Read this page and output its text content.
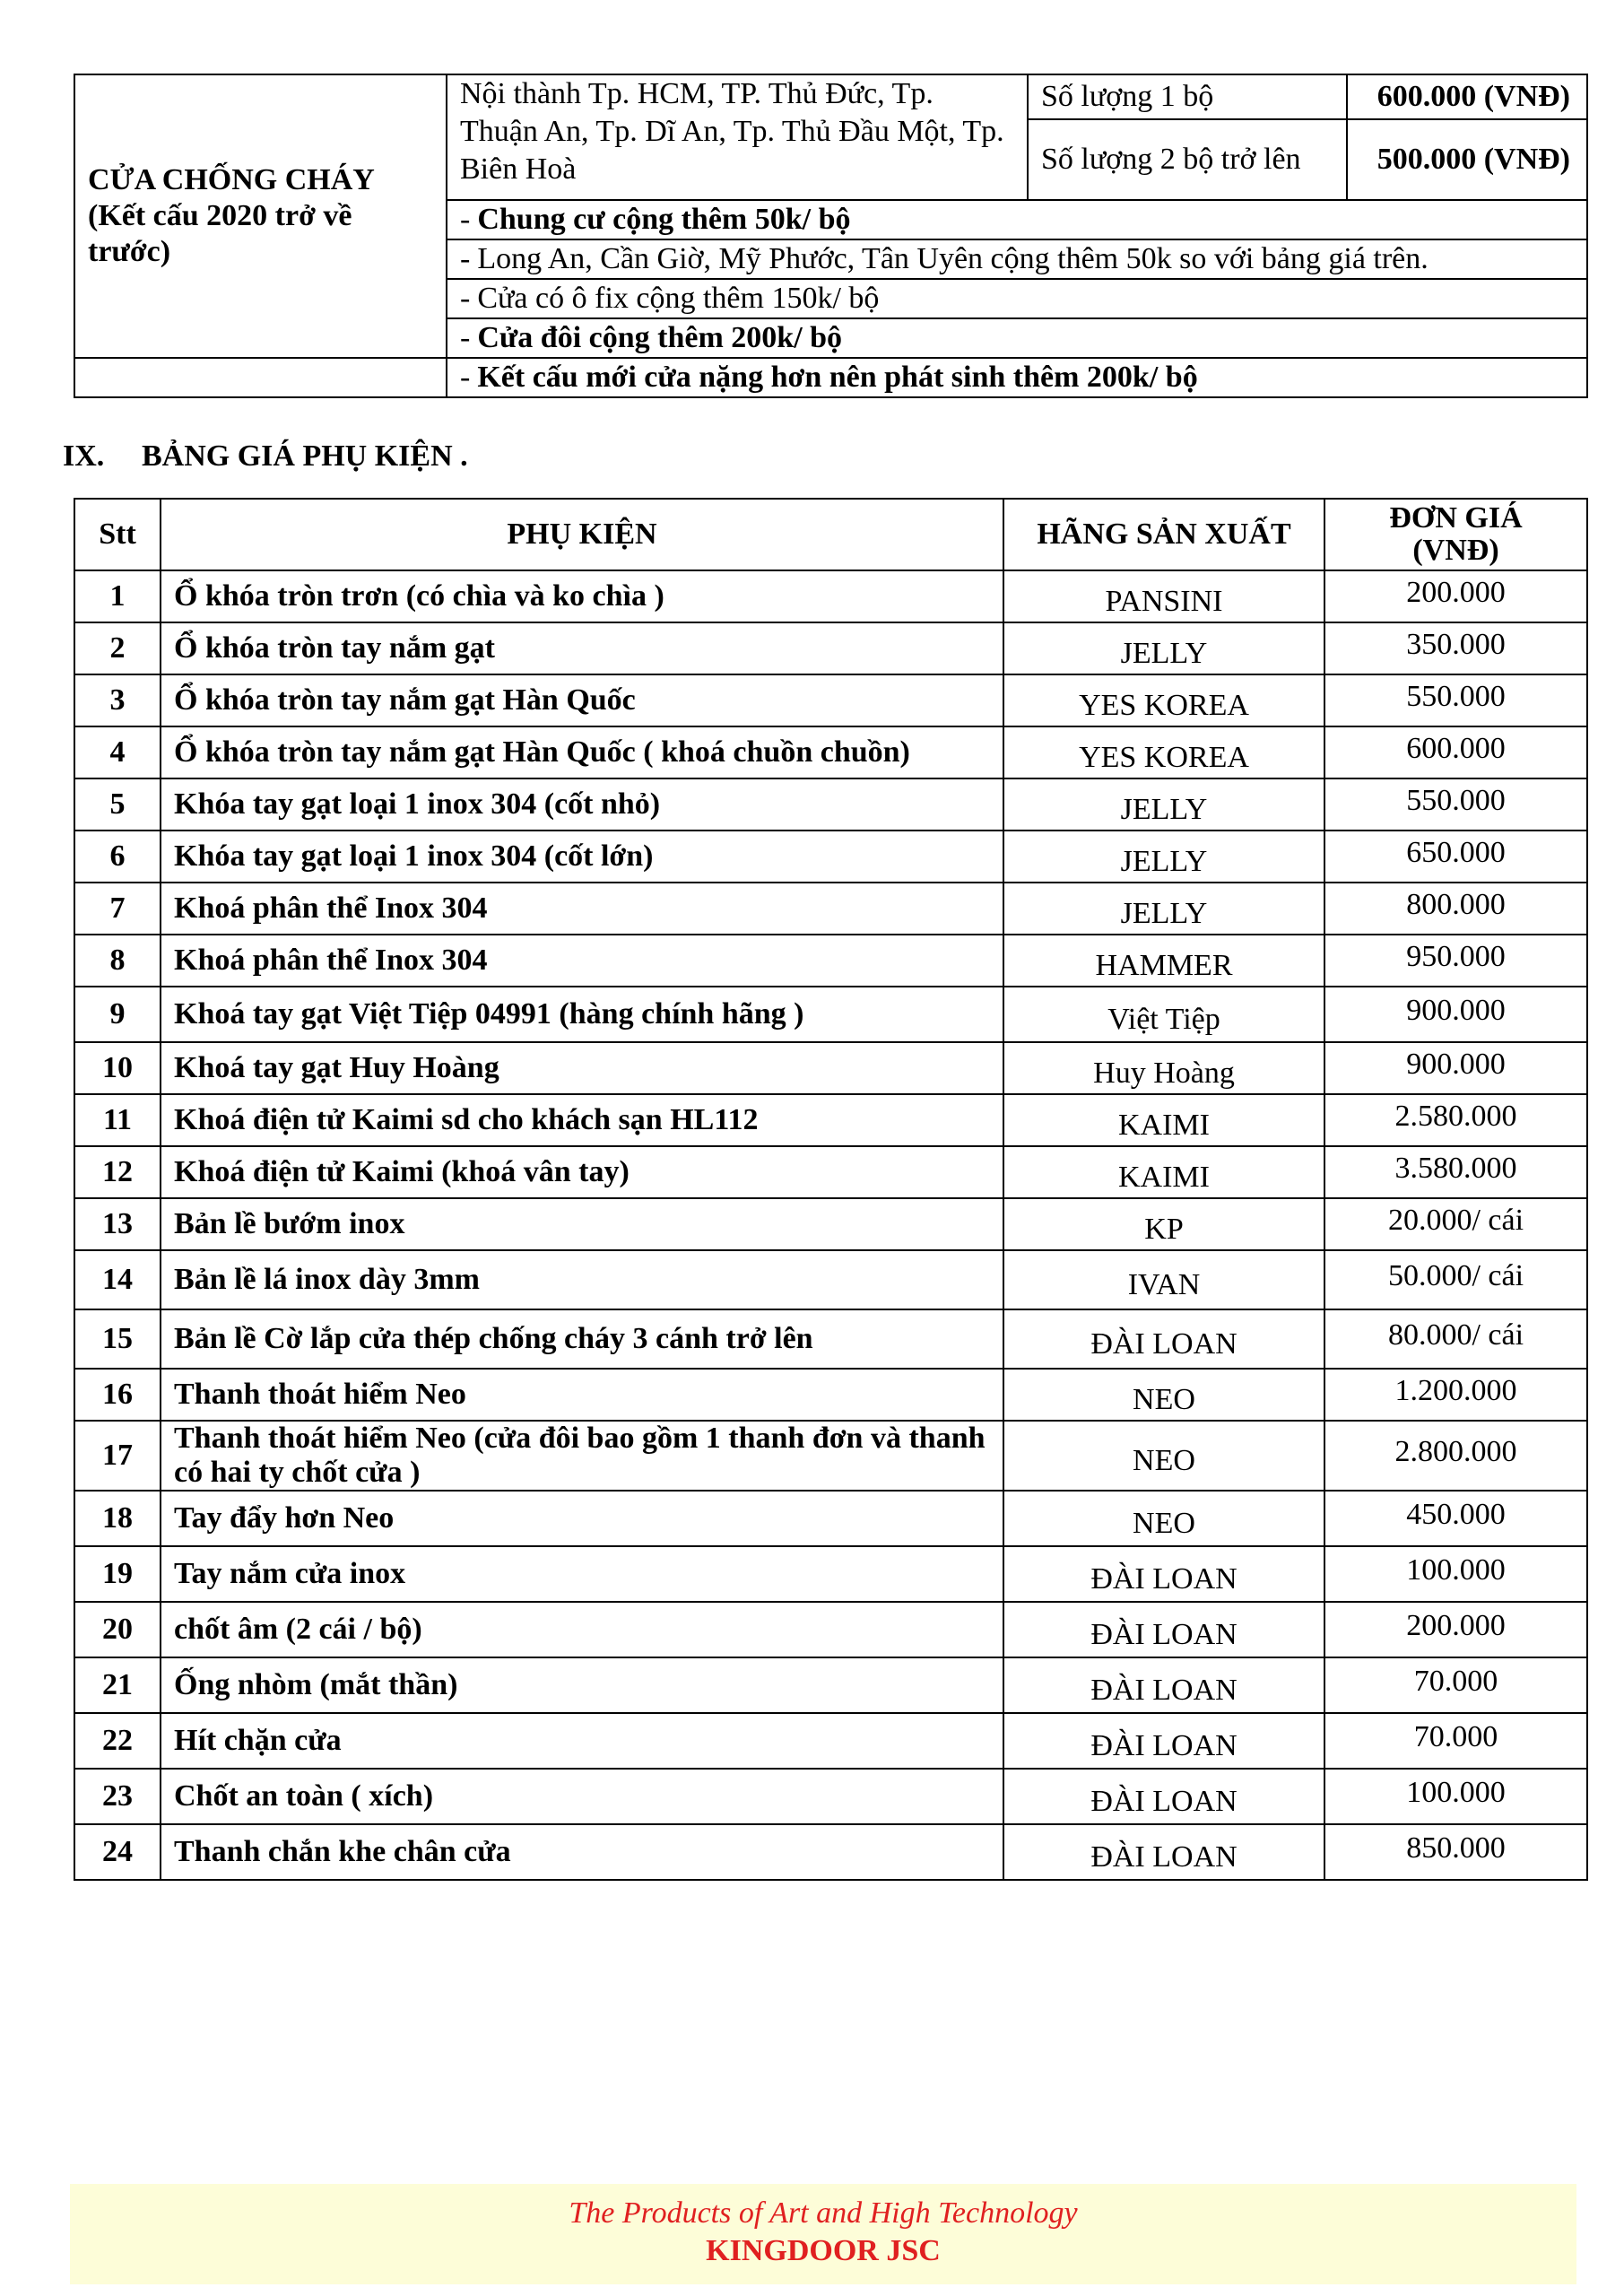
CỬA CHỐNG CHÁY
(Kết cấu 2020 trở về
trước)	Nội thành Tp. HCM, TP. Thủ Đức, Tp. Thuận An, Tp. Dĩ An, Tp. Thủ Đầu Một, Tp. Biên Hoà	Số lượng 1 bộ	600.000 (VNĐ)
		Số lượng 2 bộ trở lên	500.000 (VNĐ)
	- Chung cư cộng thêm 50k/ bộ		
	- Long An, Cần Giờ, Mỹ Phước, Tân Uyên cộng thêm 50k so với bảng giá trên.		
	- Cửa có ô fix cộng thêm 150k/ bộ		
	- Cửa đôi cộng thêm 200k/ bộ		
	- Kết cấu mới cửa nặng hơn nên phát sinh thêm 200k/ bộ		
IX. BẢNG GIÁ PHỤ KIỆN .
Stt	PHỤ KIỆN	HÃNG SẢN XUẤT	ĐƠN GIÁ
(VNĐ)

1	Ổ khóa tròn trơn (có chìa và ko chìa )	PANSINI	200.000
2	Ổ khóa tròn tay nắm gạt	JELLY	350.000
3	Ổ khóa tròn tay nắm gạt Hàn Quốc	YES KOREA	550.000
4	Ổ khóa tròn tay nắm gạt Hàn Quốc ( khoá chuồn chuồn)	YES KOREA	600.000
5	Khóa tay gạt loại 1 inox 304 (cốt nhỏ)	JELLY	550.000
6	Khóa tay gạt loại 1 inox 304 (cốt lớn)	JELLY	650.000
7	Khoá phân thể Inox 304	JELLY	800.000
8	Khoá phân thể Inox 304	HAMMER	950.000
9	Khoá tay gạt Việt Tiệp 04991 (hàng chính hãng )	Việt Tiệp	900.000
10	Khoá tay gạt Huy Hoàng	Huy Hoàng	900.000
11	Khoá điện tử Kaimi sd cho khách sạn HL112	KAIMI	2.580.000
12	Khoá điện tử Kaimi (khoá vân tay)	KAIMI	3.580.000
13	Bản lề bướm inox	KP	20.000/ cái
14	Bản lề lá inox dày 3mm	IVAN	50.000/ cái
15	Bản lề Cờ lắp cửa thép chống cháy 3 cánh trở lên	ĐÀI LOAN	80.000/ cái
16	Thanh thoát hiểm Neo	NEO	1.200.000
17	Thanh thoát hiểm Neo (cửa đôi bao gồm 1 thanh đơn và thanh có hai ty chốt cửa )	NEO	2.800.000
18	Tay đẩy hơn Neo	NEO	450.000
19	Tay nắm cửa inox	ĐÀI LOAN	100.000
20	chốt âm (2 cái / bộ)	ĐÀI LOAN	200.000
21	Ống nhòm (mắt thần)	ĐÀI LOAN	70.000
22	Hít chặn cửa	ĐÀI LOAN	70.000
23	Chốt an toàn ( xích)	ĐÀI LOAN	100.000
24	Thanh chắn khe chân cửa	ĐÀI LOAN	850.000
The Products of Art and High Technology
KINGDOOR JSC
